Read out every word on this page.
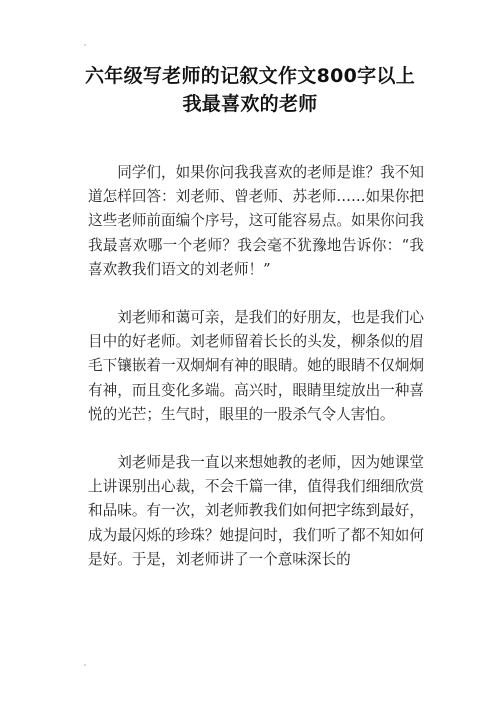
六年级写老师的记叙文作文800字以上 我最喜欢的老师

同学们，如果你问我我喜欢的老师是谁？我不知道怎样回答：刘老师、曾老师、苏老师……如果你把这些老师前面编个序号，这可能容易点。如果你问我我最喜欢哪一个老师？我会毫不犹豫地告诉你：“我喜欢教我们语文的刘老师！”

刘老师和蔼可亲，是我们的好朋友，也是我们心目中的好老师。刘老师留着长长的头发，柳条似的眉毛下镶嵌着一双炯炯有神的眼睛。她的眼睛不仅炯炯有神，而且变化多端。高兴时，眼睛里绽放出一种喜悦的光芒；生气时，眼里的一股杀气令人害怕。

刘老师是我一直以来想她教的老师，因为她课堂上讲课别出心裁，不会千篇一律，值得我们细细欣赏和品味。有一次，刘老师教我们如何把字练到最好，成为最闪烁的珍珠？她提问时，我们听了都不知如何是好。于是，刘老师讲了一个意味深长的
